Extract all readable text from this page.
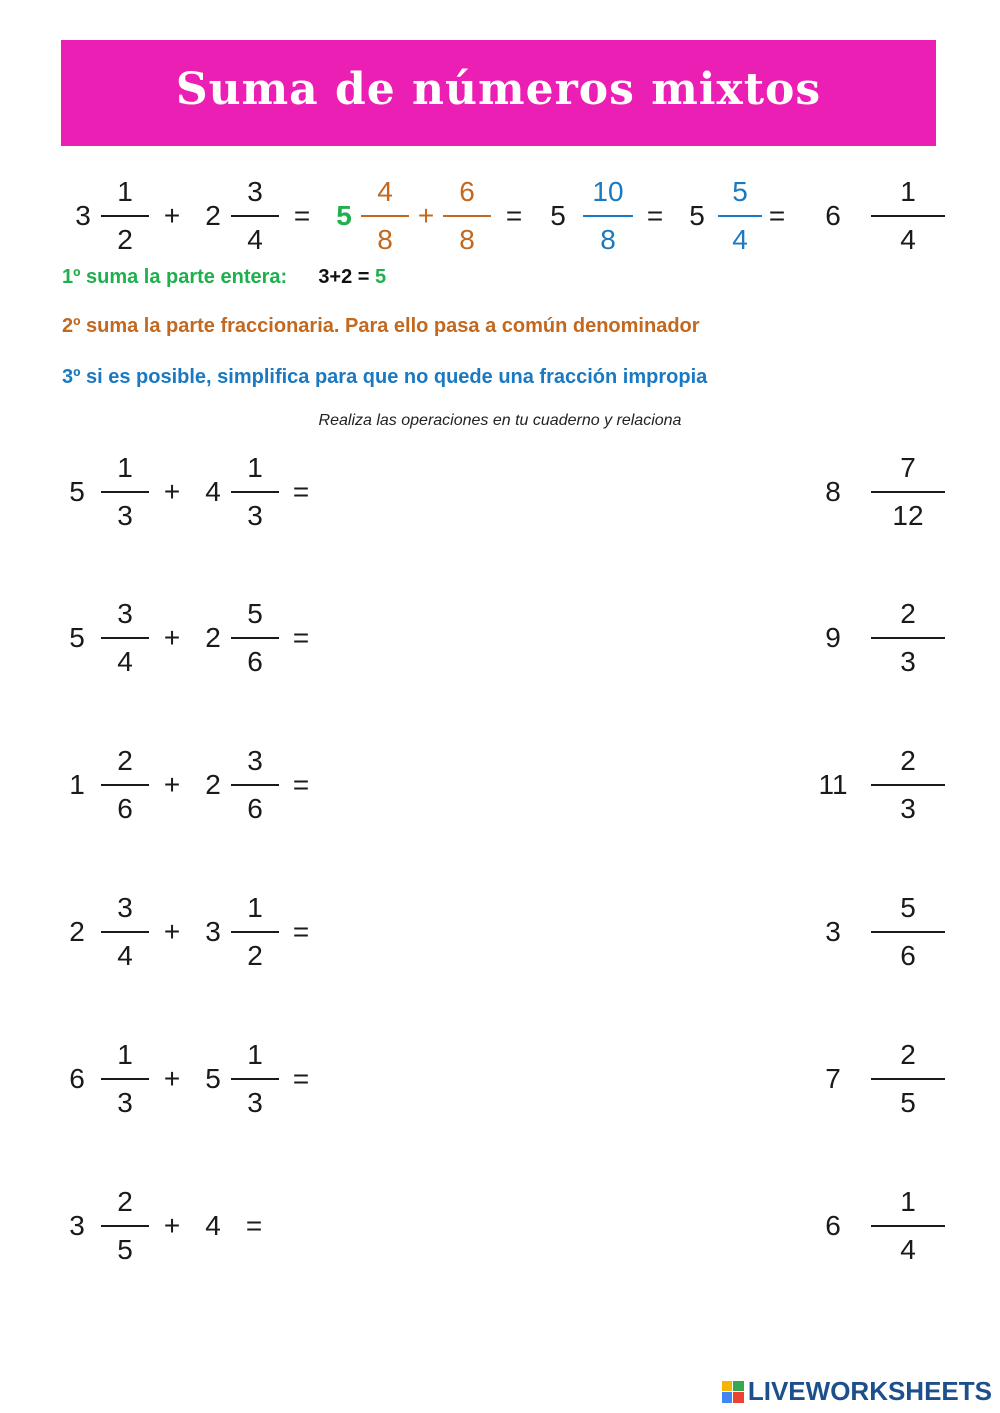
Suma de números mixtos
3
1
2
+ 2
3
4
= 5
4
8
+
6
8
= 5
10
8
= 5
5
4
= 6
1
4
1º suma la parte entera: 3+2 = 5
2º suma la parte fraccionaria. Para ello pasa a común denominador
3º si es posible, simplifica para que no quede una fracción impropia
Realiza las operaciones en tu cuaderno y relaciona
5
1
3
+ 4
1
3
=
5
3
4
+ 2
5
6
=
1
2
6
+ 2
3
6
=
2
3
4
+ 3
1
2
=
6
1
3
+ 5
1
3
=
3
2
5
+ 4 =
8
7
12
9
2
3
11
2
3
3
5
6
7
2
5
6
1
4
LIVEWORKSHEETS
